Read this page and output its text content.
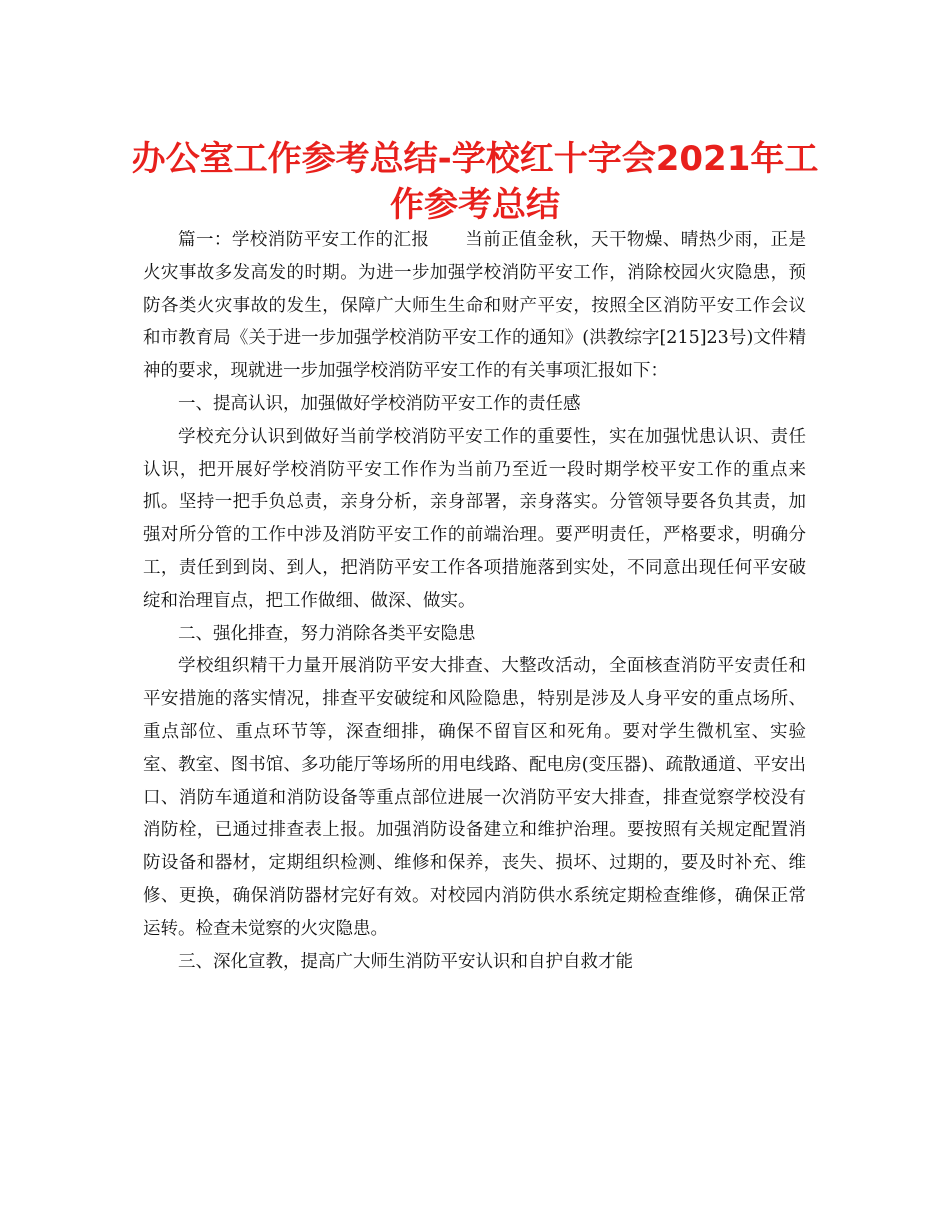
办公室工作参考总结-学校红十字会2021年工作参考总结

篇一：学校消防平安工作的汇报　　当前正值金秋，天干物燥、晴热少雨，正是火灾事故多发高发的时期。为进一步加强学校消防平安工作，消除校园火灾隐患，预防各类火灾事故的发生，保障广大师生生命和财产平安，按照全区消防平安工作会议和市教育局《关于进一步加强学校消防平安工作的通知》(洪教综字[215]23号)文件精神的要求，现就进一步加强学校消防平安工作的有关事项汇报如下：

一、提高认识，加强做好学校消防平安工作的责任感

学校充分认识到做好当前学校消防平安工作的重要性，实在加强忧患认识、责任认识，把开展好学校消防平安工作作为当前乃至近一段时期学校平安工作的重点来抓。坚持一把手负总责，亲身分析，亲身部署，亲身落实。分管领导要各负其责，加强对所分管的工作中涉及消防平安工作的前端治理。要严明责任，严格要求，明确分工，责任到到岗、到人，把消防平安工作各项措施落到实处，不同意出现任何平安破绽和治理盲点，把工作做细、做深、做实。

二、强化排查，努力消除各类平安隐患

学校组织精干力量开展消防平安大排查、大整改活动，全面核查消防平安责任和平安措施的落实情况，排查平安破绽和风险隐患，特别是涉及人身平安的重点场所、重点部位、重点环节等，深查细排，确保不留盲区和死角。要对学生微机室、实验室、教室、图书馆、多功能厅等场所的用电线路、配电房(变压器)、疏散通道、平安出口、消防车通道和消防设备等重点部位进展一次消防平安大排查，排查觉察学校没有消防栓，已通过排查表上报。加强消防设备建立和维护治理。要按照有关规定配置消防设备和器材，定期组织检测、维修和保养，丧失、损坏、过期的，要及时补充、维修、更换，确保消防器材完好有效。对校园内消防供水系统定期检查维修，确保正常运转。检查未觉察的火灾隐患。

三、深化宣教，提高广大师生消防平安认识和自护自救才能
